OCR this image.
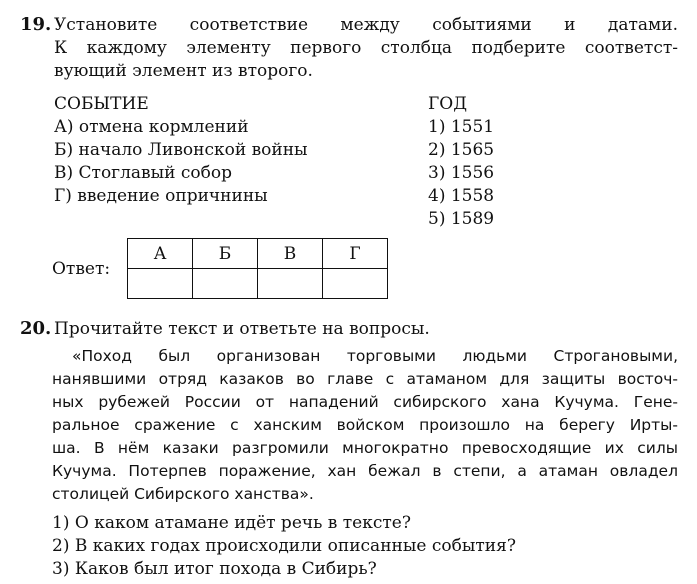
19. Установите соответствие между событиями и датами.
К каждому элементу первого столбца подберите соответст-
вующий элемент из второго.
СОБЫТИЕ
А) отмена кормлений
Б) начало Ливонской войны
В) Стоглавый собор
Г) введение опричнины
ГОД
1) 1551
2) 1565
3) 1556
4) 1558
5) 1589
Ответ:
А	Б	В	Г

20. Прочитайте текст и ответьте на вопросы.
«Поход был организован торговыми людьми Строгановыми,
нанявшими отряд казаков во главе с атаманом для защиты восточ-
ных рубежей России от нападений сибирского хана Кучума. Гене-
ральное сражение с ханским войском произошло на берегу Ирты-
ша. В нём казаки разгромили многократно превосходящие их силы
Кучума. Потерпев поражение, хан бежал в степи, а атаман овладел
столицей Сибирского ханства».
1) О каком атамане идёт речь в тексте?
2) В каких годах происходили описанные события?
3) Каков был итог похода в Сибирь?
